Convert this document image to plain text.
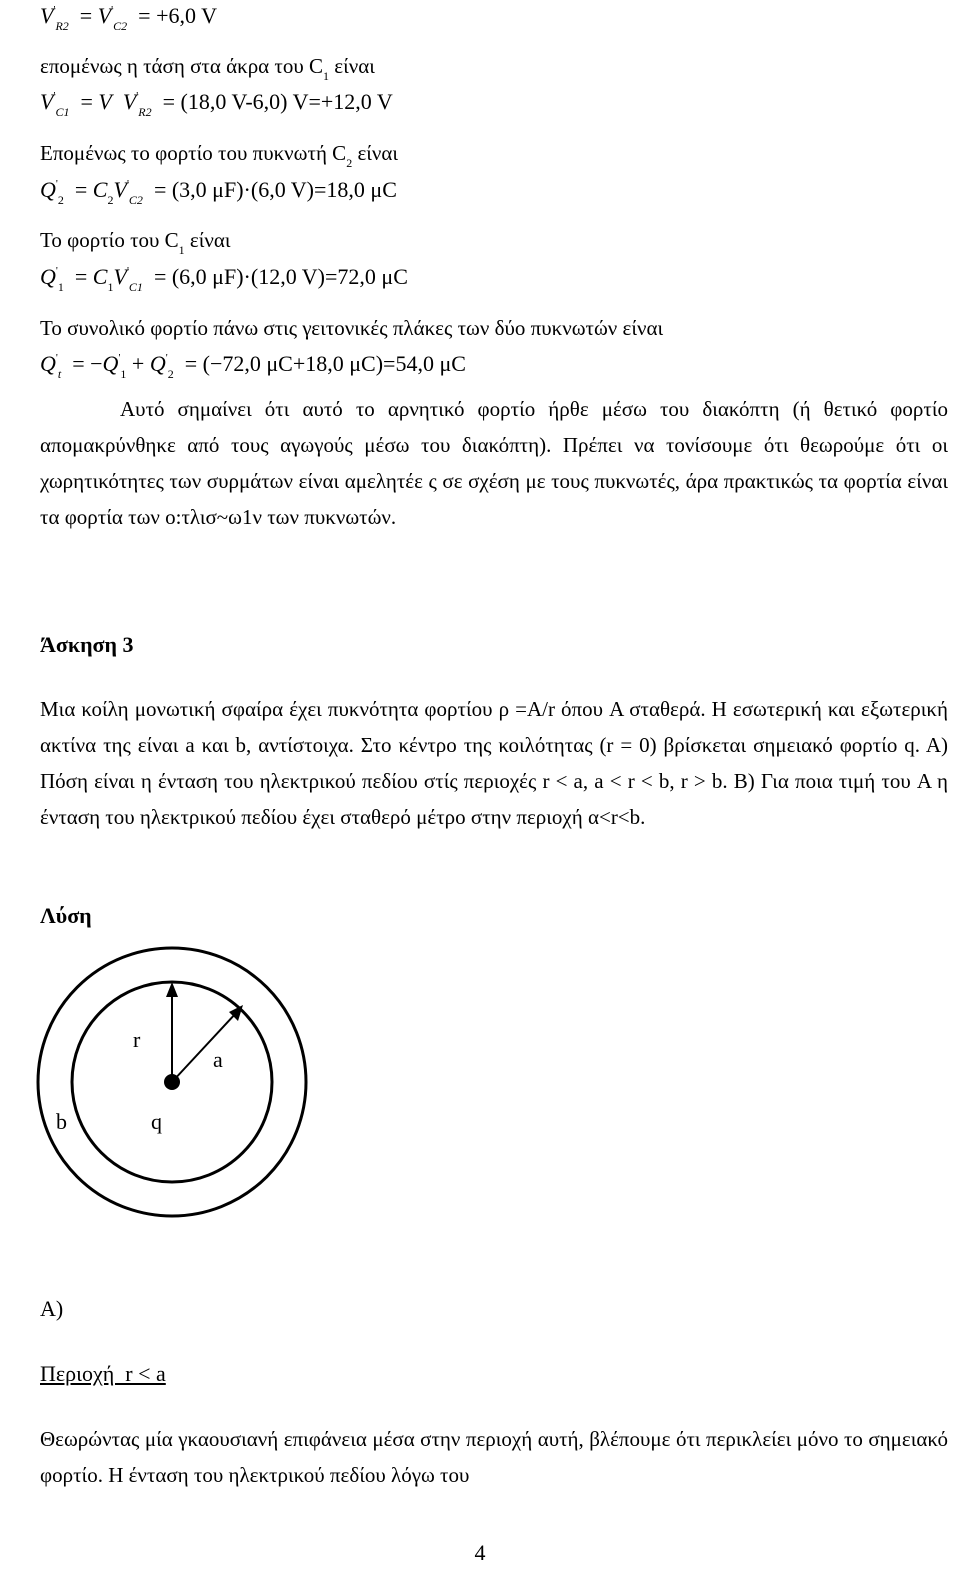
$V'_{R2} = V'_{C2} = +6,0$ V
επομένως η τάση στα άκρα του $C_1$ είναι
$V'_{C1} = V$ $V'_{R2} = (18,0$ V-6,0) V=+12,0 V
Επομένως το φορτίο του πυκνωτή $C_2$ είναι
$Q'_2 = C_2V'_{C2} = (3,0$ μF)·(6,0 V)=18,0 μC
Το φορτίο του $C_1$ είναι
$Q'_1 = C_1V'_{C1} = (6,0$ μF)·(12,0 V)=72,0 μC
Το συνολικό φορτίο πάνω στις γειτονικές πλάκες των δύο πυκνωτών είναι
$Q'_t = -Q'_1 + Q'_2 = (-72,0$ μC+18,0 μC)=54,0 μC
Αυτό σημαίνει ότι αυτό το αρνητικό φορτίο ήρθε μέσω του διακόπτη (ή θετικό φορτίο απομακρύνθηκε από τους αγωγούς μέσω του διακόπτη). Πρέπει να τονίσουμε ότι θεωρούμε ότι οι χωρητικότητες των συρμάτων είναι αμελητέε ς σε σχέση με τους πυκνωτές, άρα πρακτικώς τα φορτία είναι τα φορτία των ο:τλισ~ω1ν των πυκνωτών.
Άσκηση 3
Μια κοίλη μονωτική σφαίρα έχει πυκνότητα φορτίου ρ =A/r όπου A σταθερά. Η εσωτερική και εξωτερική ακτίνα της είναι a και b, αντίστοιχα. Στο κέντρο της κοιλότητας (r = 0) βρίσκεται σημειακό φορτίο q. A) Πόση είναι η ένταση του ηλεκτρικού πεδίου στίς περιοχές r < a, a < r < b, r > b. B) Για ποια τιμή του A η ένταση του ηλεκτρικού πεδίου έχει σταθερό μέτρο στην περιοχή α<r<b.
Λύση
r
a
b	q
A)
Περιοχή  r < a
Θεωρώντας μία γκαουσιανή επιφάνεια μέσα στην περιοχή αυτή, βλέπουμε ότι περικλείει μόνο το σημειακό φορτίο. Η ένταση του ηλεκτρικού πεδίου λόγω του
4
